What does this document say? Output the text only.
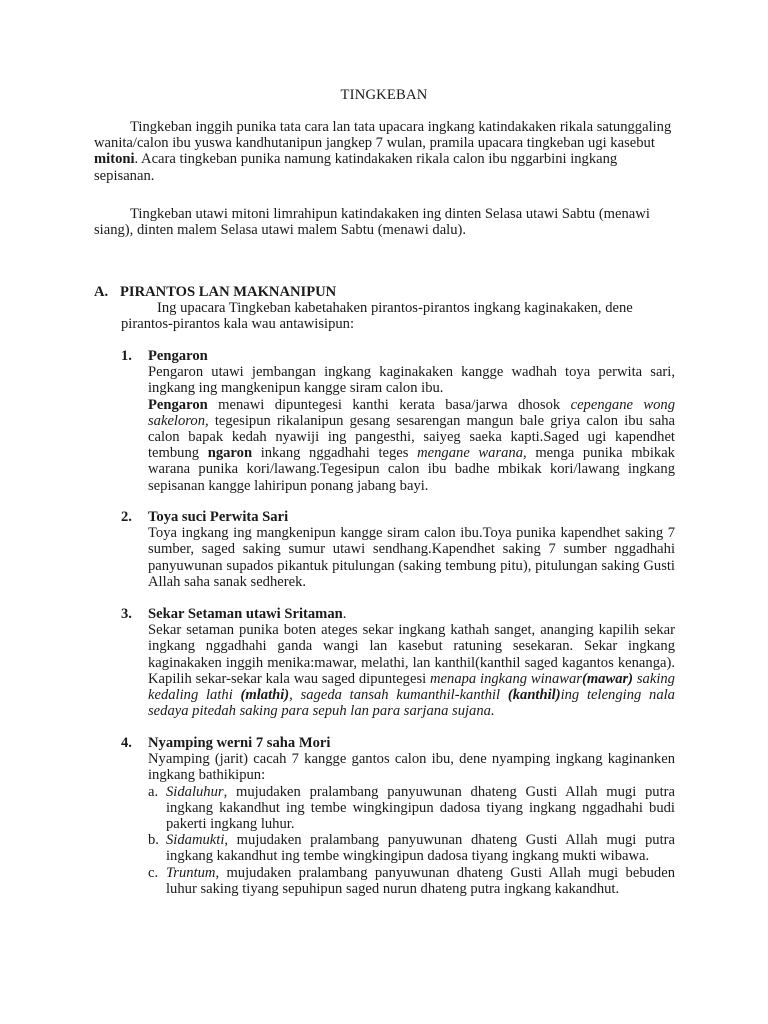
TINGKEBAN
Tingkeban inggih punika tata cara lan tata upacara ingkang katindakaken rikala satunggaling wanita/calon ibu yuswa kandhutanipun jangkep 7 wulan, pramila upacara tingkeban ugi kasebut mitoni. Acara tingkeban punika namung katindakaken rikala calon ibu nggarbini ingkang sepisanan.
Tingkeban utawi mitoni limrahipun katindakaken ing dinten Selasa utawi Sabtu (menawi siang), dinten malem Selasa utawi malem Sabtu (menawi dalu).
A. PIRANTOS LAN MAKNANIPUN
Ing upacara Tingkeban kabetahaken pirantos-pirantos ingkang kaginakaken, dene pirantos-pirantos kala wau antawisipun:
1. Pengaron

Pengaron utawi jembangan ingkang kaginakaken kangge wadhah toya perwita sari, ingkang ing mangkenipun kangge siram calon ibu.

Pengaron menawi dipuntegesi kanthi kerata basa/jarwa dhosok cepengane wong sakeloron, tegesipun rikalanipun gesang sesarengan mangun bale griya calon ibu saha calon bapak kedah nyawiji ing pangesthi, saiyeg saeka kapti.Saged ugi kapendhet tembung ngaron inkang nggadhahi teges mengane warana, menga punika mbikak warana punika kori/lawang.Tegesipun calon ibu badhe mbikak kori/lawang ingkang sepisanan kangge lahiripun ponang jabang bayi.

2. Toya suci Perwita Sari

Toya ingkang ing mangkenipun kangge siram calon ibu.Toya punika kapendhet saking 7 sumber, saged saking sumur utawi sendhang.Kapendhet saking 7 sumber nggadhahi panyuwunan supados pikantuk pitulungan (saking tembung pitu), pitulungan saking Gusti Allah saha sanak sedherek.

3. Sekar Setaman utawi Sritaman.

Sekar setaman punika boten ateges sekar ingkang kathah sanget, ananging kapilih sekar ingkang nggadhahi ganda wangi lan kasebut ratuning sesekaran. Sekar ingkang kaginakaken inggih menika:mawar, melathi, lan kanthil(kanthil saged kagantos kenanga). Kapilih sekar-sekar kala wau saged dipuntegesi menapa ingkang winawar(mawar) saking kedaling lathi (mlathi), sageda tansah kumanthil-kanthil (kanthil)ing telenging nala sedaya pitedah saking para sepuh lan para sarjana sujana.

4. Nyamping werni 7 saha Mori

Nyamping (jarit) cacah 7 kangge gantos calon ibu, dene nyamping ingkang kaginanken ingkang bathikipun:

a. Sidaluhur, mujudaken pralambang panyuwunan dhateng Gusti Allah mugi putra ingkang kakandhut ing tembe wingkingipun dadosa tiyang ingkang nggadhahi budi pakerti ingkang luhur.
b. Sidamukti, mujudaken pralambang panyuwunan dhateng Gusti Allah mugi putra ingkang kakandhut ing tembe wingkingipun dadosa tiyang ingkang mukti wibawa.
c. Truntum, mujudaken pralambang panyuwunan dhateng Gusti Allah mugi bebuden luhur saking tiyang sepuhipun saged nurun dhateng putra ingkang kakandhut.
